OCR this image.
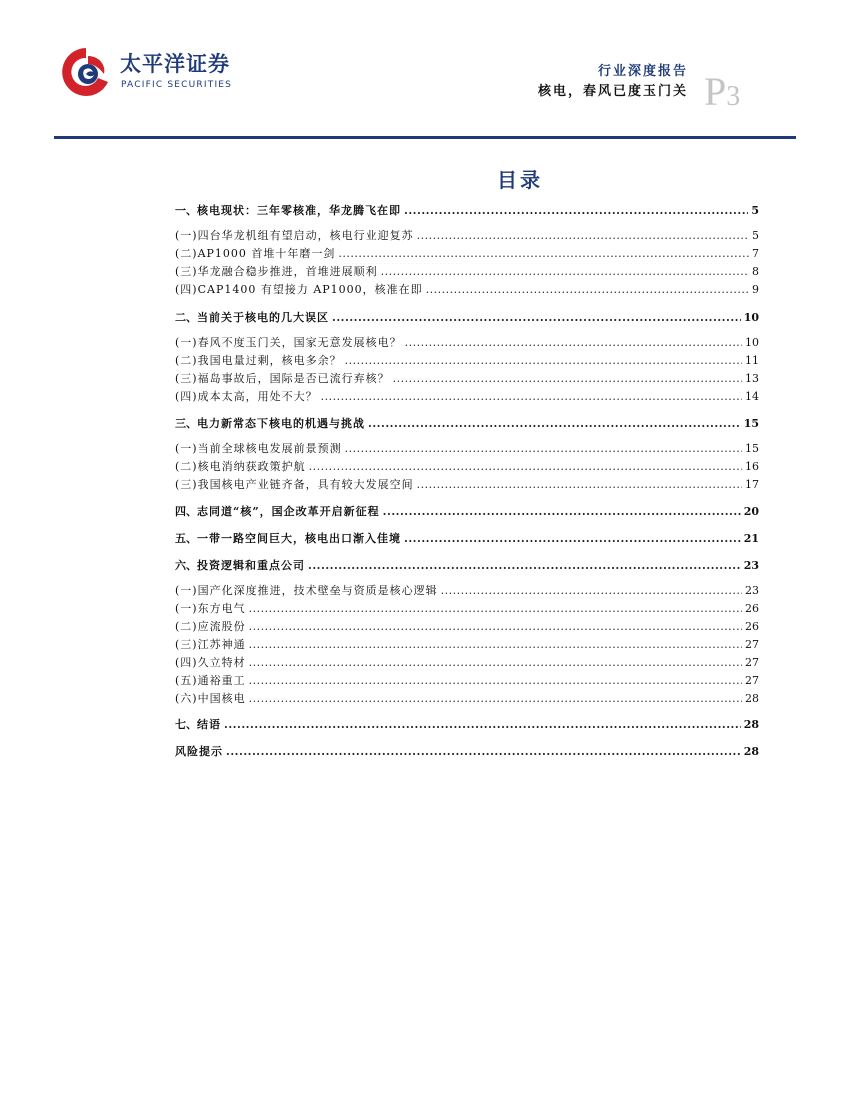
太平洋证券
PACIFIC SECURITIES
行业深度报告
核电，春风已度玉门关 P3
目录
一、 核电现状：三年零核准，华龙腾飞在即 .....	5
(一)四台华龙机组有望启动，核电行业迎复苏 .....	5
(二)AP1000 首堆十年磨一剑 .....	7
(三)华龙融合稳步推进，首堆进展顺利 .....	8
(四)CAP1400 有望接力 AP1000，核准在即 .....	9
二、 当前关于核电的几大误区 .....	10
(一)春风不度玉门关，国家无意发展核电？ .....	10
(二)我国电量过剩，核电多余？ .....	11
(三)福岛事故后，国际是否已流行弃核？ .....	13
(四)成本太高，用处不大？ .....	14
三、 电力新常态下核电的机遇与挑战 .....	15
(一)当前全球核电发展前景预测 .....	15
(二)核电消纳获政策护航 .....	16
(三)我国核电产业链齐备，具有较大发展空间 .....	17
四、 志同道“核”，国企改革开启新征程 .....	20
五、 一带一路空间巨大，核电出口渐入佳境 .....	21
六、 投资逻辑和重点公司 .....	23
(一)国产化深度推进，技术壁垒与资质是核心逻辑 .....	23
(一)东方电气 .....	26
(二)应流股份 .....	26
(三)江苏神通 .....	27
(四)久立特材 .....	27
(五)通裕重工 .....	27
(六)中国核电 .....	28
七、 结语 .....	28
风险提示 .....	28
